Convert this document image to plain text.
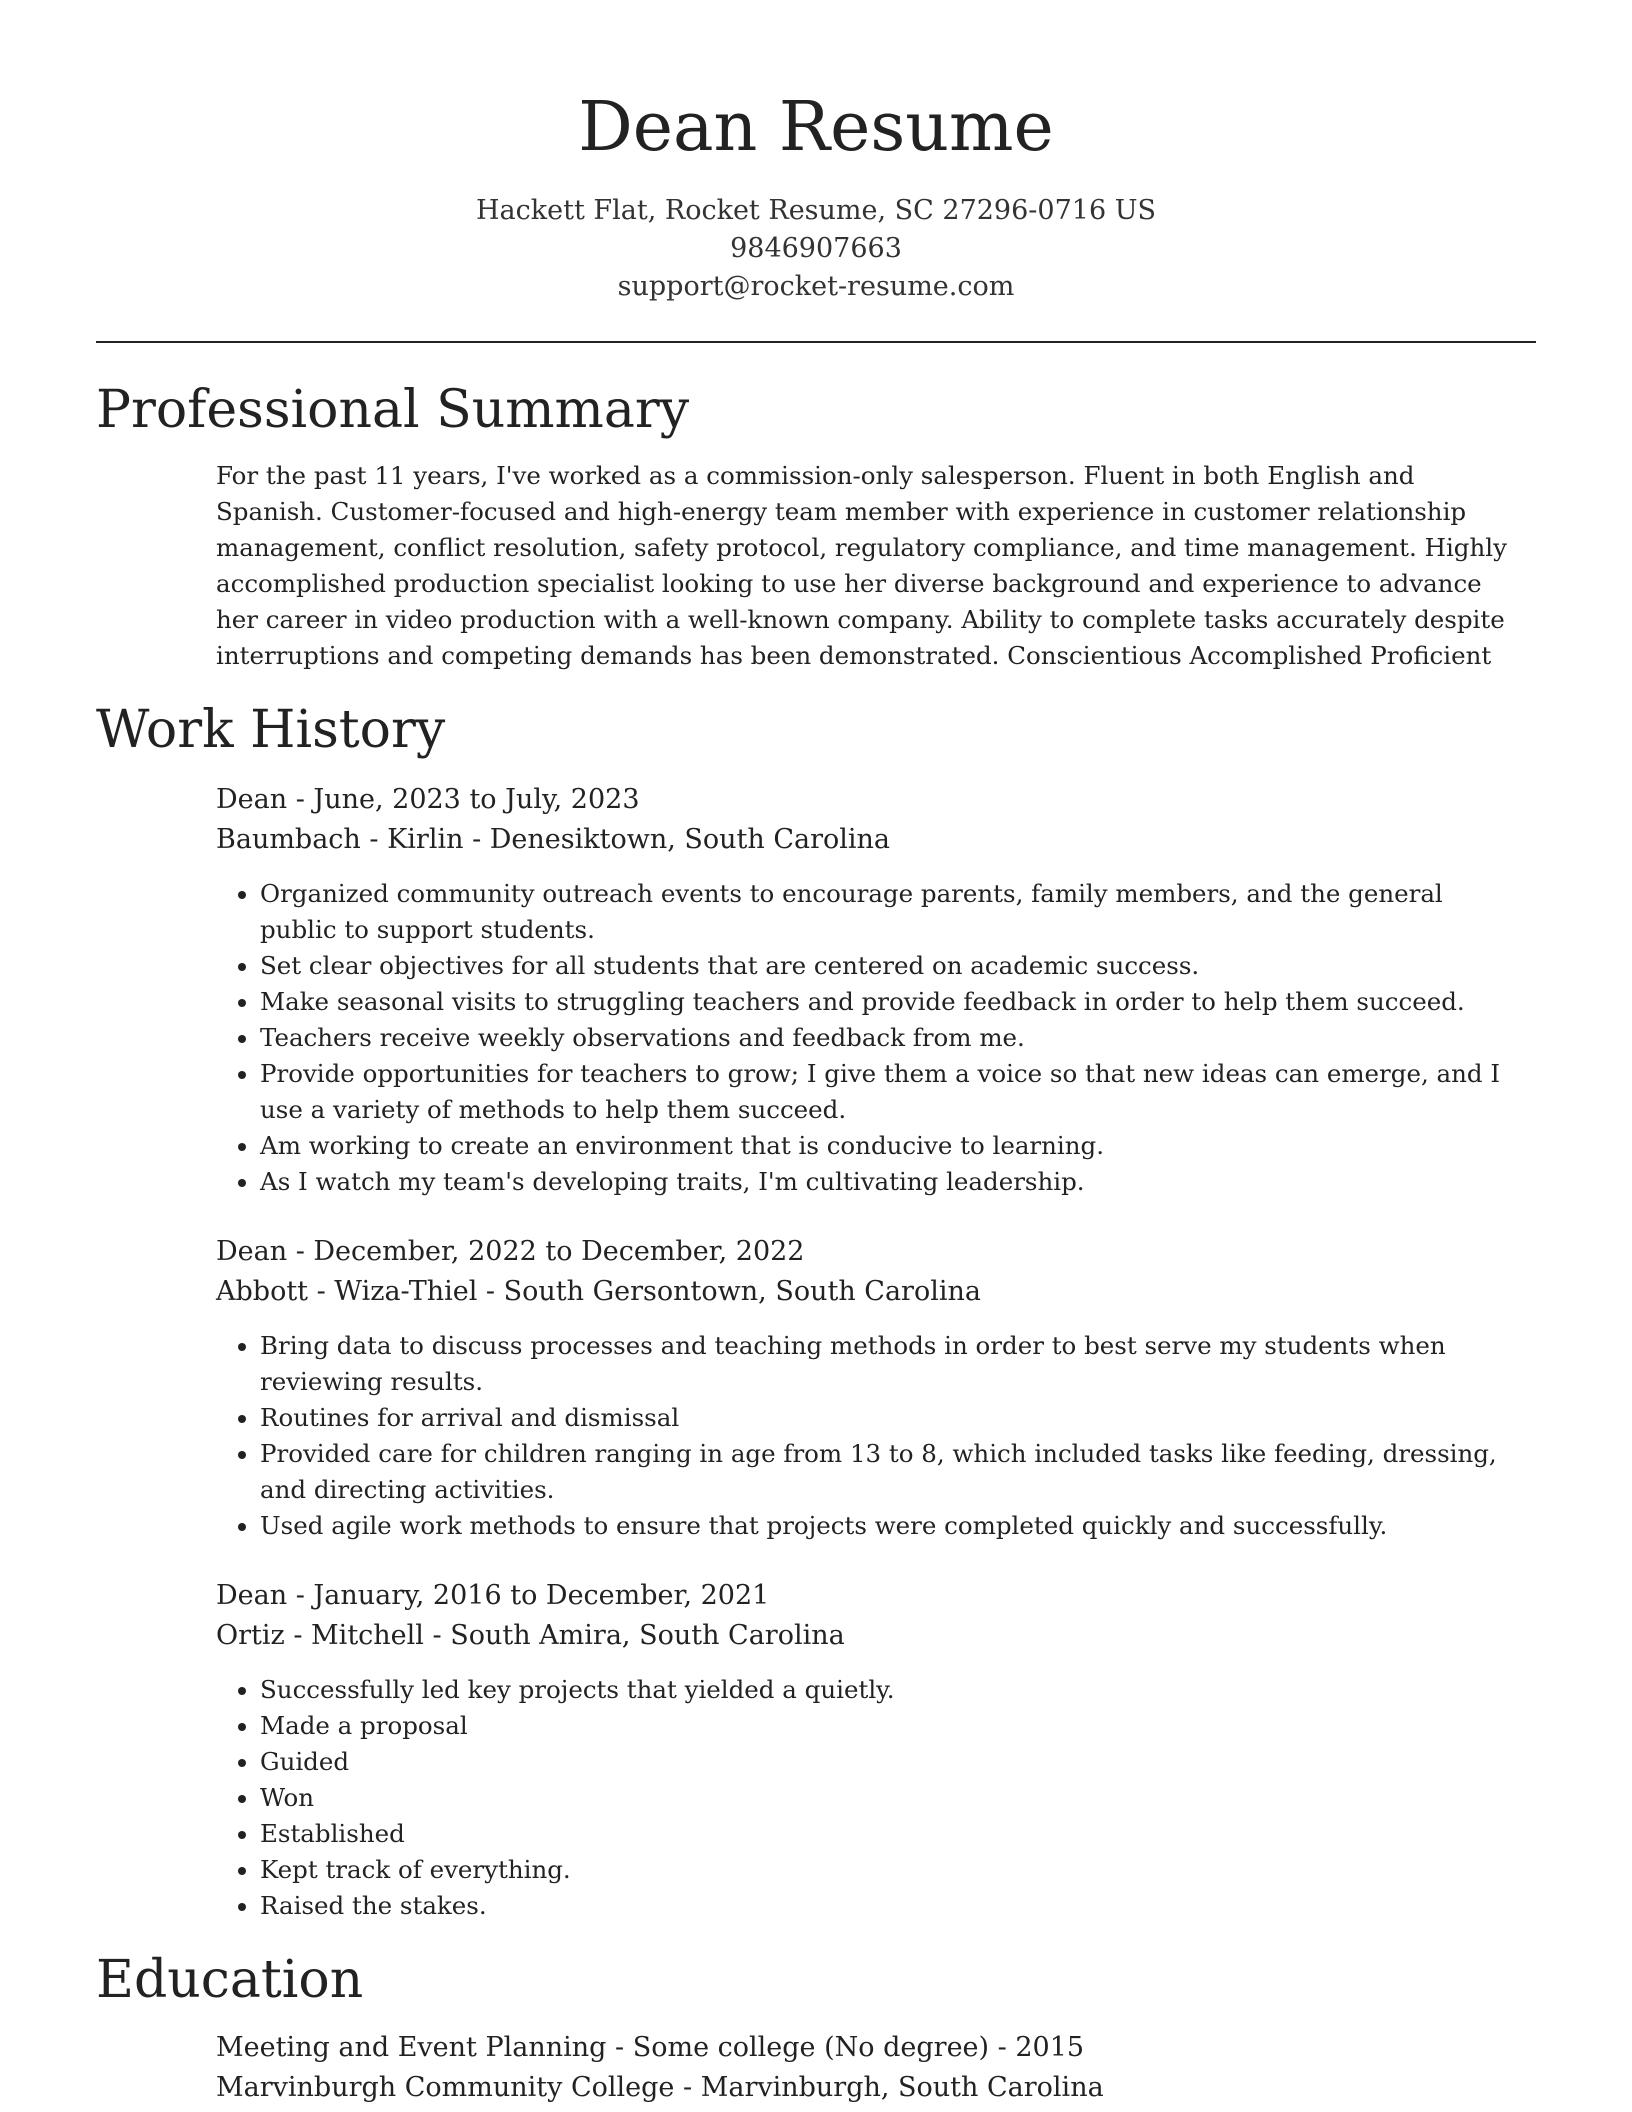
Dean Resume
Hackett Flat, Rocket Resume, SC 27296-0716 US
9846907663
support@rocket-resume.com
Professional Summary
For the past 11 years, I've worked as a commission-only salesperson. Fluent in both English and Spanish. Customer-focused and high-energy team member with experience in customer relationship management, conflict resolution, safety protocol, regulatory compliance, and time management. Highly accomplished production specialist looking to use her diverse background and experience to advance her career in video production with a well-known company. Ability to complete tasks accurately despite interruptions and competing demands has been demonstrated. Conscientious Accomplished Proficient
Work History
Dean - June, 2023 to July, 2023
Baumbach - Kirlin - Denesiktown, South Carolina
• Organized community outreach events to encourage parents, family members, and the general public to support students.
• Set clear objectives for all students that are centered on academic success.
• Make seasonal visits to struggling teachers and provide feedback in order to help them succeed.
• Teachers receive weekly observations and feedback from me.
• Provide opportunities for teachers to grow; I give them a voice so that new ideas can emerge, and I use a variety of methods to help them succeed.
• Am working to create an environment that is conducive to learning.
• As I watch my team's developing traits, I'm cultivating leadership.
Dean - December, 2022 to December, 2022
Abbott - Wiza-Thiel - South Gersontown, South Carolina
• Bring data to discuss processes and teaching methods in order to best serve my students when reviewing results.
• Routines for arrival and dismissal
• Provided care for children ranging in age from 13 to 8, which included tasks like feeding, dressing, and directing activities.
• Used agile work methods to ensure that projects were completed quickly and successfully.
Dean - January, 2016 to December, 2021
Ortiz - Mitchell - South Amira, South Carolina
• Successfully led key projects that yielded a quietly.
• Made a proposal
• Guided
• Won
• Established
• Kept track of everything.
• Raised the stakes.
Education
Meeting and Event Planning - Some college (No degree) - 2015
Marvinburgh Community College - Marvinburgh, South Carolina
